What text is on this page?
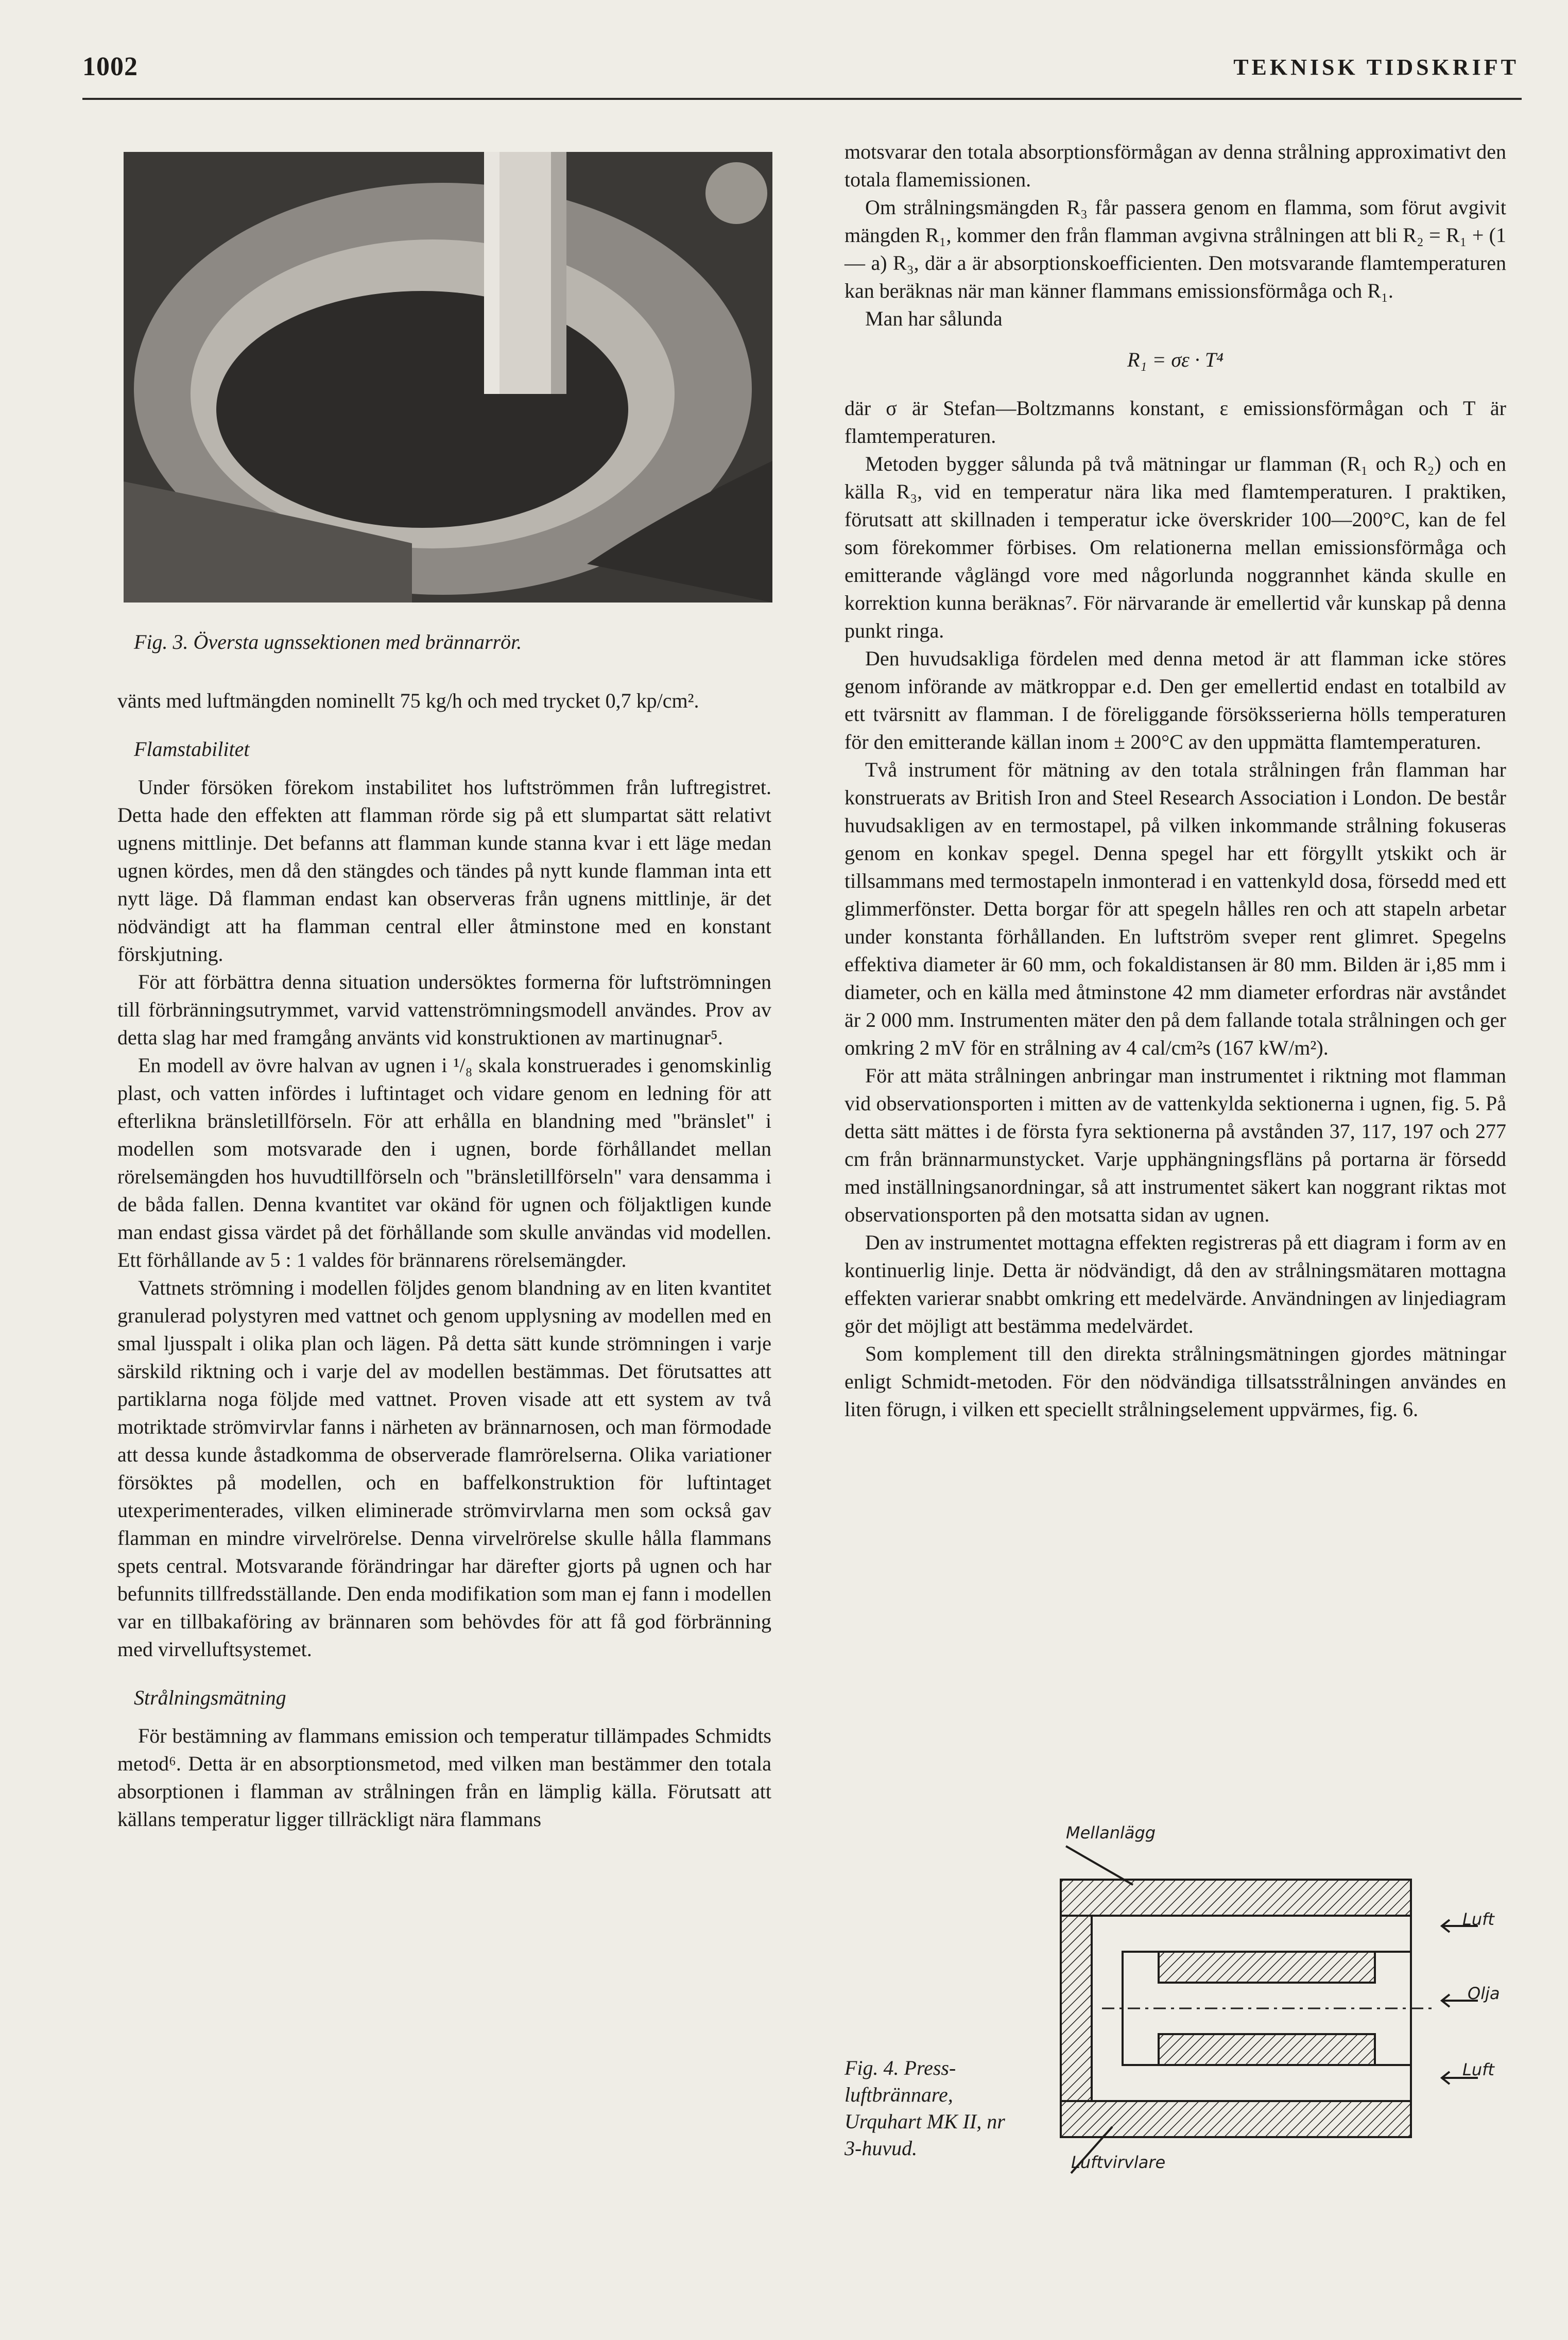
1002	TEKNISK TIDSKRIFT
Fig. 3. Översta ugnssektionen med brännarrör.

vänts med luftmängden nominellt 75 kg/h och med trycket 0,7 kp/cm².

Flamstabilitet

Under försöken förekom instabilitet hos luftströmmen från luftregistret. Detta hade den effekten att flamman rörde sig på ett slumpartat sätt relativt ugnens mittlinje. Det befanns att flamman kunde stanna kvar i ett läge medan ugnen kördes, men då den stängdes och tändes på nytt kunde flamman inta ett nytt läge. Då flamman endast kan observeras från ugnens mittlinje, är det nödvändigt att ha flamman central eller åtminstone med en konstant förskjutning.

För att förbättra denna situation undersöktes formerna för luftströmningen till förbränningsutrymmet, varvid vattenströmningsmodell användes. Prov av detta slag har med framgång använts vid konstruktionen av martinugnar⁵.

En modell av övre halvan av ugnen i ¹/₈ skala konstruerades i genomskinlig plast, och vatten infördes i luftintaget och vidare genom en ledning för att efterlikna bränsletillförseln. För att erhålla en blandning med "bränslet" i modellen som motsvarade den i ugnen, borde förhållandet mellan rörelsemängden hos huvudtillförseln och "bränsletillförseln" vara densamma i de båda fallen. Denna kvantitet var okänd för ugnen och följaktligen kunde man endast gissa värdet på det förhållande som skulle användas vid modellen. Ett förhållande av 5 : 1 valdes för brännarens rörelsemängder.

Vattnets strömning i modellen följdes genom blandning av en liten kvantitet granulerad polystyren med vattnet och genom upplysning av modellen med en smal ljusspalt i olika plan och lägen. På detta sätt kunde strömningen i varje särskild riktning och i varje del av modellen bestämmas. Det förutsattes att partiklarna noga följde med vattnet. Proven visade att ett system av två motriktade strömvirvlar fanns i närheten av brännarnosen, och man förmodade att dessa kunde åstadkomma de observerade flamrörelserna. Olika variationer försöktes på modellen, och en baffelkonstruktion för luftintaget utexperimenterades, vilken eliminerade strömvirvlarna men som också gav flamman en mindre virvelrörelse. Denna virvelrörelse skulle hålla flammans spets central. Motsvarande förändringar har därefter gjorts på ugnen och har befunnits tillfredsställande. Den enda modifikation som man ej fann i modellen var en tillbakaföring av brännaren som behövdes för att få god förbränning med virvelluftsystemet.

Strålningsmätning

För bestämning av flammans emission och temperatur tillämpades Schmidts metod⁶. Detta är en absorptionsmetod, med vilken man bestämmer den totala absorptionen i flamman av strålningen från en lämplig källa. Förutsatt att källans temperatur ligger tillräckligt nära flammans

motsvarar den totala absorptionsförmågan av denna strålning approximativt den totala flamemissionen.

Om strålningsmängden R₃ får passera genom en flamma, som förut avgivit mängden R₁, kommer den från flamman avgivna strålningen att bli R₂ = R₁ + (1 — a) R₃, där a är absorptionskoefficienten. Den motsvarande flamtemperaturen kan beräknas när man känner flammans emissionsförmåga och R₁.

Man har sålunda

R₁ = σε · T⁴

där σ är Stefan—Boltzmanns konstant, ε emissionsförmågan och T är flamtemperaturen.

Metoden bygger sålunda på två mätningar ur flamman (R₁ och R₂) och en källa R₃, vid en temperatur nära lika med flamtemperaturen. I praktiken, förutsatt att skillnaden i temperatur icke överskrider 100—200°C, kan de fel som förekommer förbises. Om relationerna mellan emissionsförmåga och emitterande våglängd vore med någorlunda noggrannhet kända skulle en korrektion kunna beräknas⁷. För närvarande är emellertid vår kunskap på denna punkt ringa.

Den huvudsakliga fördelen med denna metod är att flamman icke störes genom införande av mätkroppar e.d. Den ger emellertid endast en totalbild av ett tvärsnitt av flamman. I de föreliggande försöksserierna hölls temperaturen för den emitterande källan inom ± 200°C av den uppmätta flamtemperaturen.

Två instrument för mätning av den totala strålningen från flamman har konstruerats av British Iron and Steel Research Association i London. De består huvudsakligen av en termostapel, på vilken inkommande strålning fokuseras genom en konkav spegel. Denna spegel har ett förgyllt ytskikt och är tillsammans med termostapeln inmonterad i en vattenkyld dosa, försedd med ett glimmerfönster. Detta borgar för att spegeln hålles ren och att stapeln arbetar under konstanta förhållanden. En luftström sveper rent glimret. Spegelns effektiva diameter är 60 mm, och fokaldistansen är 80 mm. Bilden är i,85 mm i diameter, och en källa med åtminstone 42 mm diameter erfordras när avståndet är 2 000 mm. Instrumenten mäter den på dem fallande totala strålningen och ger omkring 2 mV för en strålning av 4 cal/cm²s (167 kW/m²).

För att mäta strålningen anbringar man instrumentet i riktning mot flamman vid observationsporten i mitten av de vattenkylda sektionerna i ugnen, fig. 5. På detta sätt mättes i de första fyra sektionerna på avstånden 37, 117, 197 och 277 cm från brännarmunstycket. Varje upphängningsfläns på portarna är försedd med inställningsanordningar, så att instrumentet säkert kan noggrant riktas mot observationsporten på den motsatta sidan av ugnen.

Den av instrumentet mottagna effekten registreras på ett diagram i form av en kontinuerlig linje. Detta är nödvändigt, då den av strålningsmätaren mottagna effekten varierar snabbt omkring ett medelvärde. Användningen av linjediagram gör det möjligt att bestämma medelvärdet.

Som komplement till den direkta strålningsmätningen gjordes mätningar enligt Schmidt-metoden. För den nödvändiga tillsatsstrålningen användes en liten förugn, i vilken ett speciellt strålningselement uppvärmes, fig. 6.

Mellanlägg
Luft
Olja
Luft
Luftvirvlare
Fig. 4. Press-luftbrännare, Urquhart MK II, nr 3-huvud.
